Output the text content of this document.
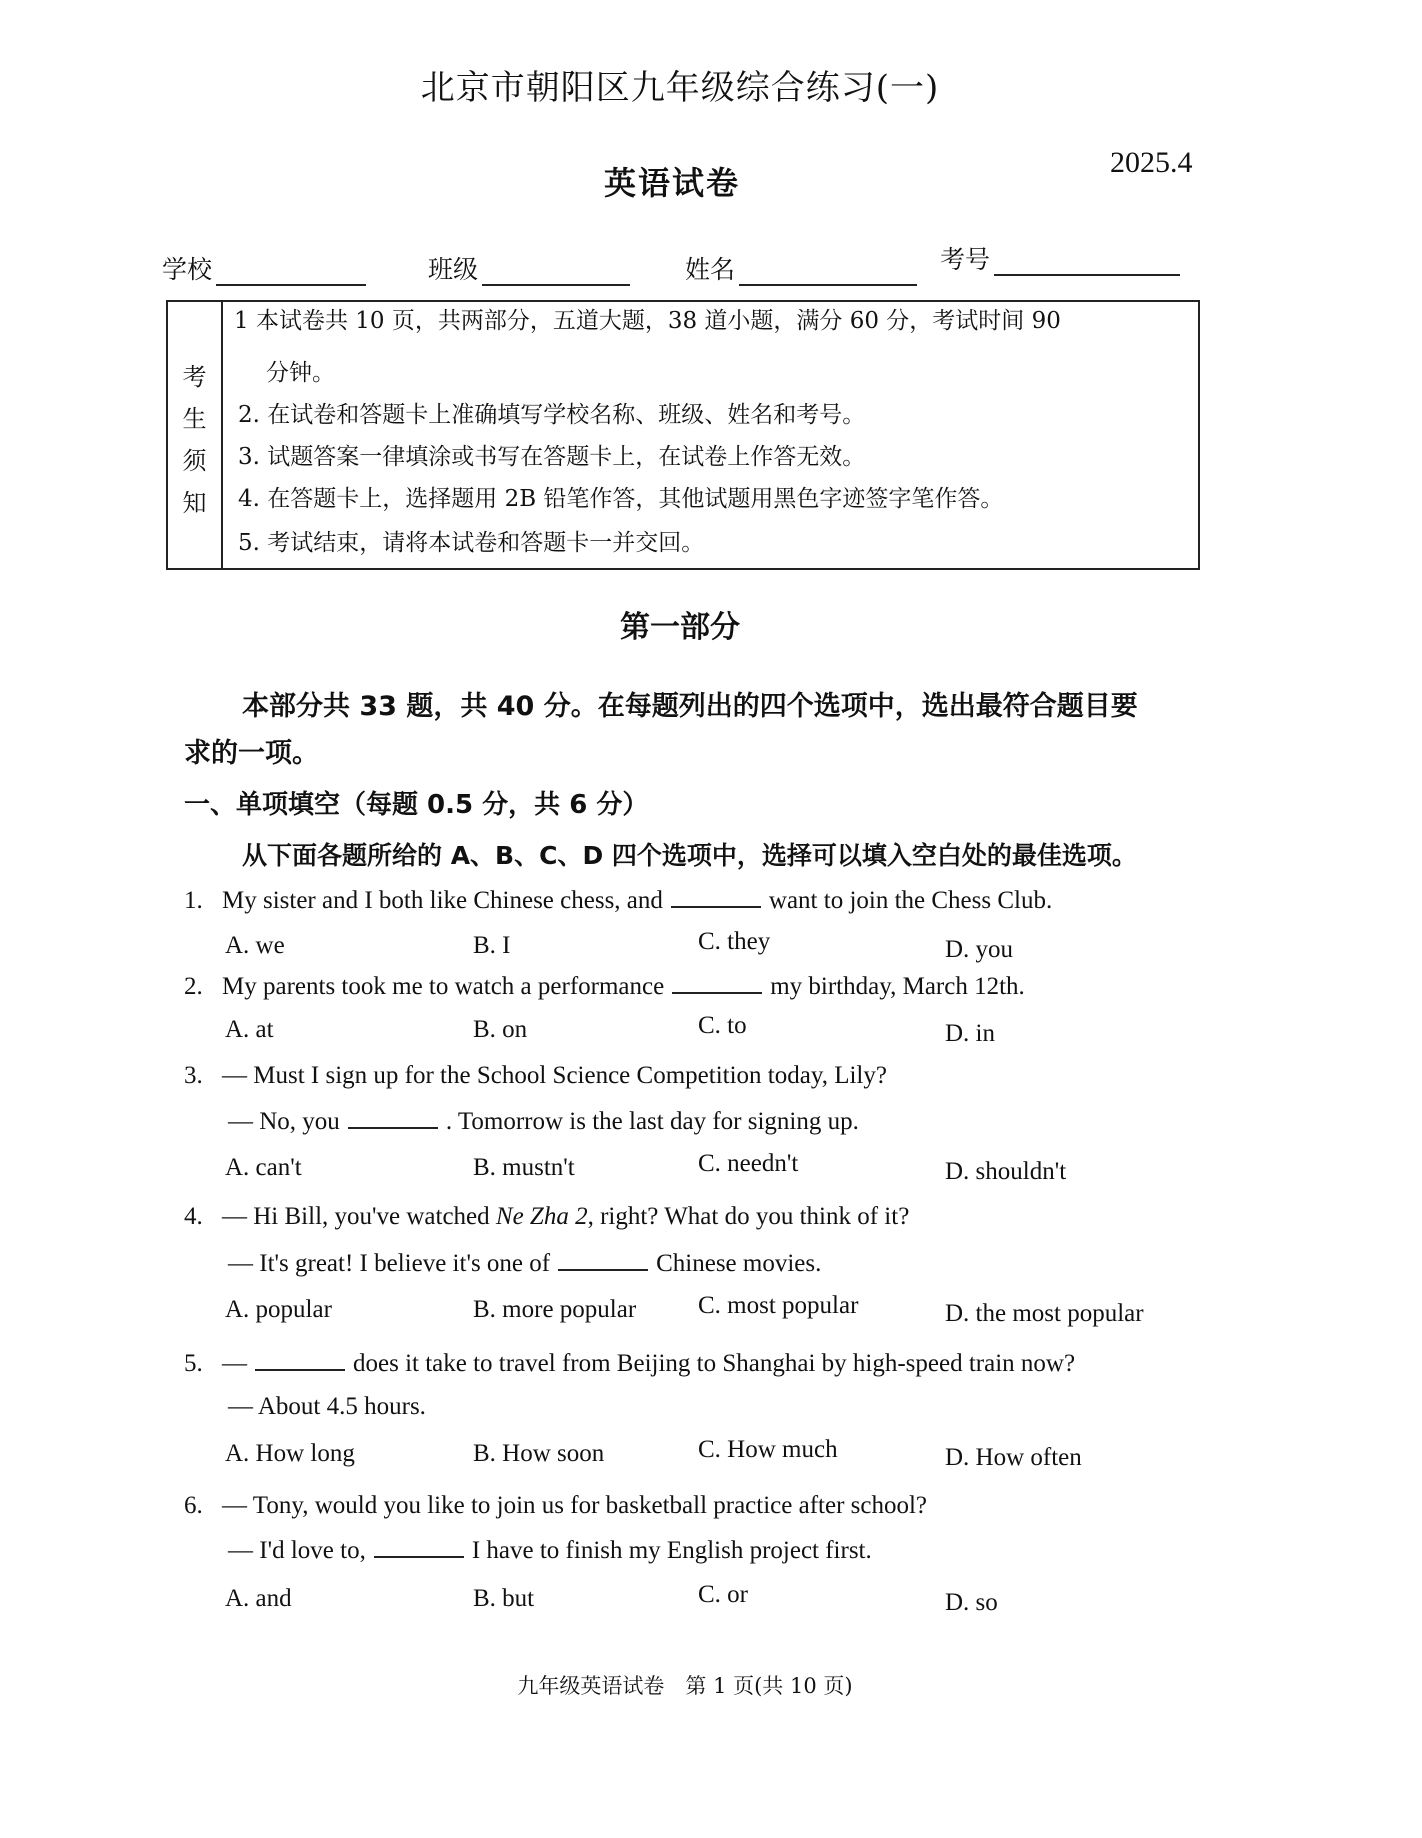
北京市朝阳区九年级综合练习(一)
英语试卷
2025.4
学校	班级	姓名	考号
考
生
须
知
1 本试卷共 10 页，共两部分，五道大题，38 道小题，满分 60 分，考试时间 90
分钟。
2. 在试卷和答题卡上准确填写学校名称、班级、姓名和考号。
3. 试题答案一律填涂或书写在答题卡上，在试卷上作答无效。
4. 在答题卡上，选择题用 2B 铅笔作答，其他试题用黑色字迹签字笔作答。
5. 考试结束，请将本试卷和答题卡一并交回。
第一部分
本部分共 33 题，共 40 分。在每题列出的四个选项中，选出最符合题目要
求的一项。
一、单项填空（每题 0.5 分，共 6 分）
从下面各题所给的 A、B、C、D 四个选项中，选择可以填入空白处的最佳选项。
1. My sister and I both like Chinese chess, and	want to join the Chess Club.
A. we	B. I	C. they	D. you
2. My parents took me to watch a performance	my birthday, March 12th.
A. at	B. on	C. to	D. in
3. — Must I sign up for the School Science Competition today, Lily?
— No, you	. Tomorrow is the last day for signing up.
A. can't	B. mustn't	C. needn't	D. shouldn't
4. — Hi Bill, you've watched Ne Zha 2, right? What do you think of it?
— It's great! I believe it's one of	Chinese movies.
A. popular	B. more popular C. most popular	D. the most popular
5. —	does it take to travel from Beijing to Shanghai by high-speed train now?
— About 4.5 hours.
A. How long	B. How soon	C. How much	D. How often
6. — Tony, would you like to join us for basketball practice after school?
— I'd love to,	I have to finish my English project first.
A. and	B. but	C. or	D. so
九年级英语试卷　第 1 页(共 10 页)
